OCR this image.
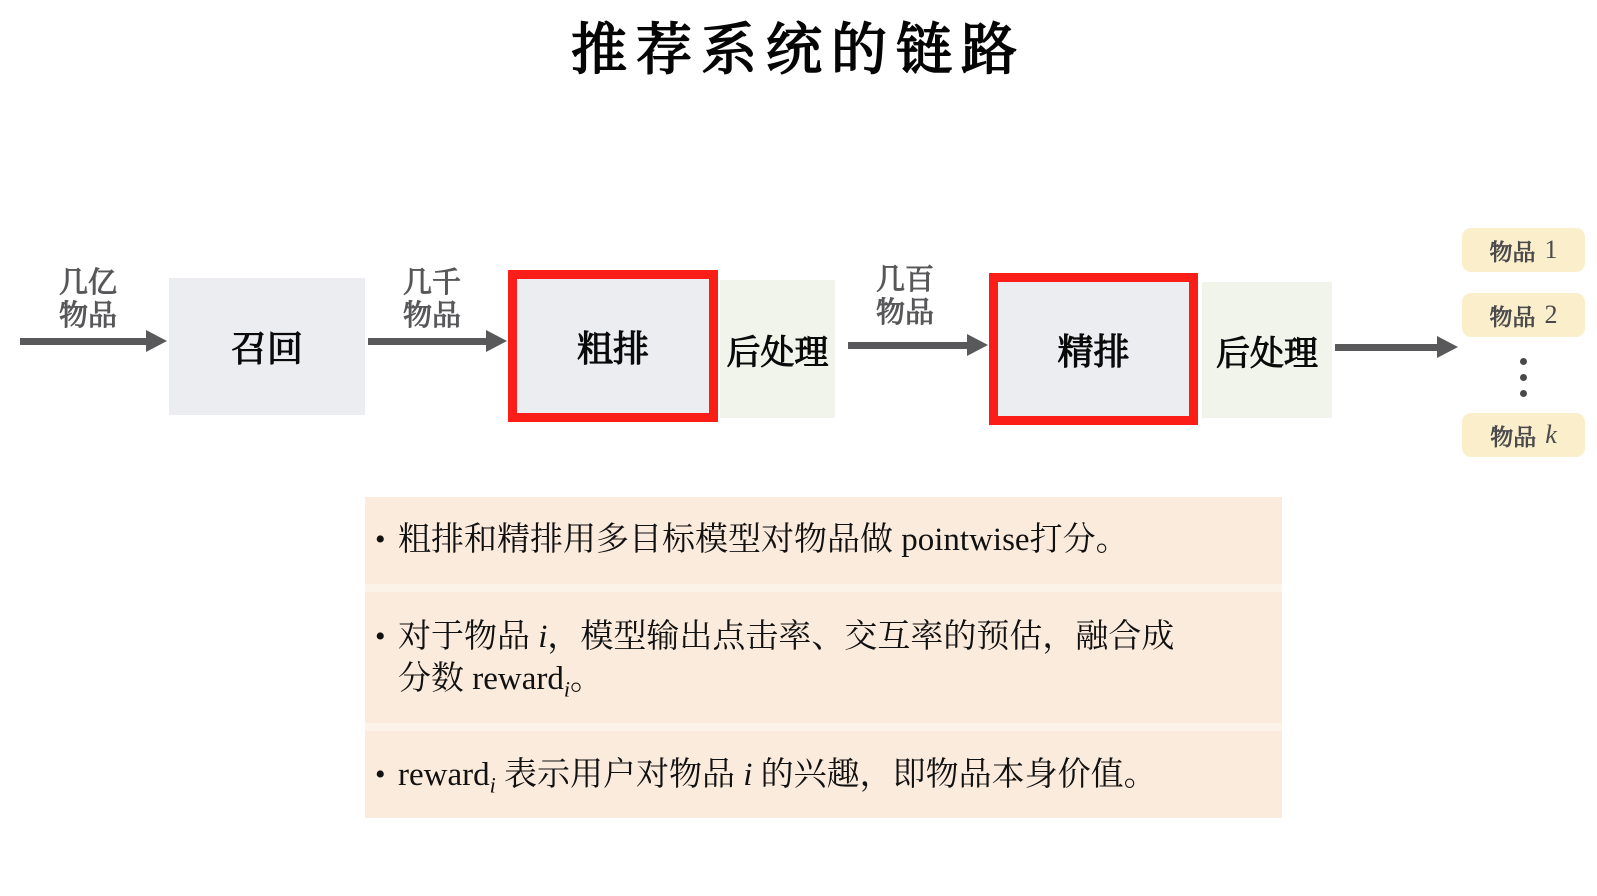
推荐系统的链路
几亿
物品
召回
几千
物品
粗排 后处理
几百
物品
精排	后处理
物品 1
物品 2
物品 k
• 粗排和精排用多目标模型对物品做 pointwise打分。
• 对于物品 i，模型输出点击率、交互率的预估，融合成分数 reward$_i$。
• reward$_i$ 表示用户对物品 i 的兴趣，即物品本身价值。
